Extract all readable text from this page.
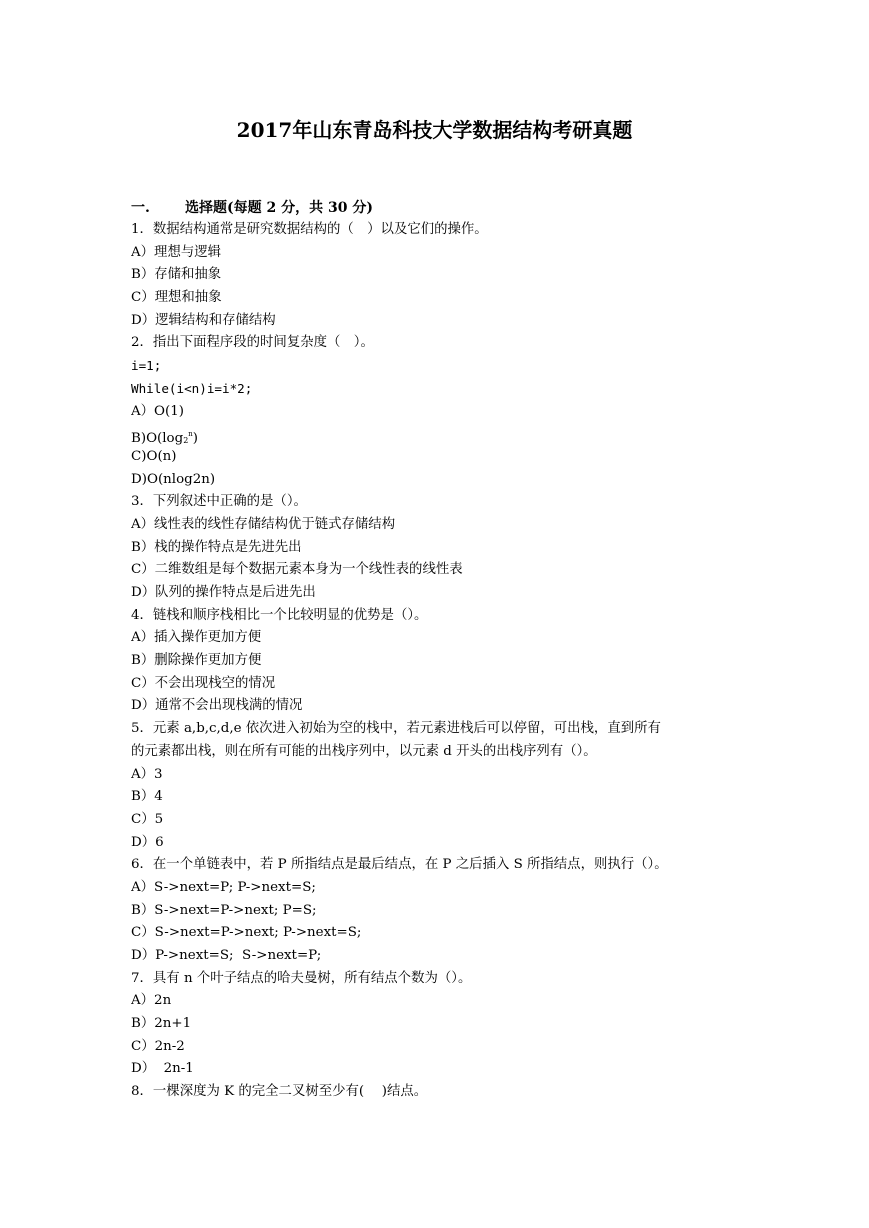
2017年山东青岛科技大学数据结构考研真题
一.	选择题(每题 2 分，共 30 分)
1．数据结构通常是研究数据结构的（　）以及它们的操作。
A）理想与逻辑
B）存储和抽象
C）理想和抽象
D）逻辑结构和存储结构
2．指出下面程序段的时间复杂度（　）。
i=1;
While(i<n)i=i*2;
A）O(1)
$B)O(\log_2^n)$
C)O(n)
D)O(nlog2n)
3．下列叙述中正确的是（）。
A）线性表的线性存储结构优于链式存储结构
B）栈的操作特点是先进先出
C）二维数组是每个数据元素本身为一个线性表的线性表
D）队列的操作特点是后进先出
4．链栈和顺序栈相比一个比较明显的优势是（）。
A）插入操作更加方便
B）删除操作更加方便
C）不会出现栈空的情况
D）通常不会出现栈满的情况
5．元素 a,b,c,d,e 依次进入初始为空的栈中，若元素进栈后可以停留，可出栈，直到所有
的元素都出栈，则在所有可能的出栈序列中，以元素 d 开头的出栈序列有（）。
A）3
B）4
C）5
D）6
6．在一个单链表中，若 P 所指结点是最后结点，在 P 之后插入 S 所指结点，则执行（）。
A）S->next=P; P->next=S;
B）S->next=P->next; P=S;
C）S->next=P->next; P->next=S;
D）P->next=S;  S->next=P;
7．具有 n 个叶子结点的哈夫曼树，所有结点个数为（）。
A）2n
B）2n+1
C）2n-2
D）  2n-1
8．一棵深度为 K 的完全二叉树至少有(　 )结点。
